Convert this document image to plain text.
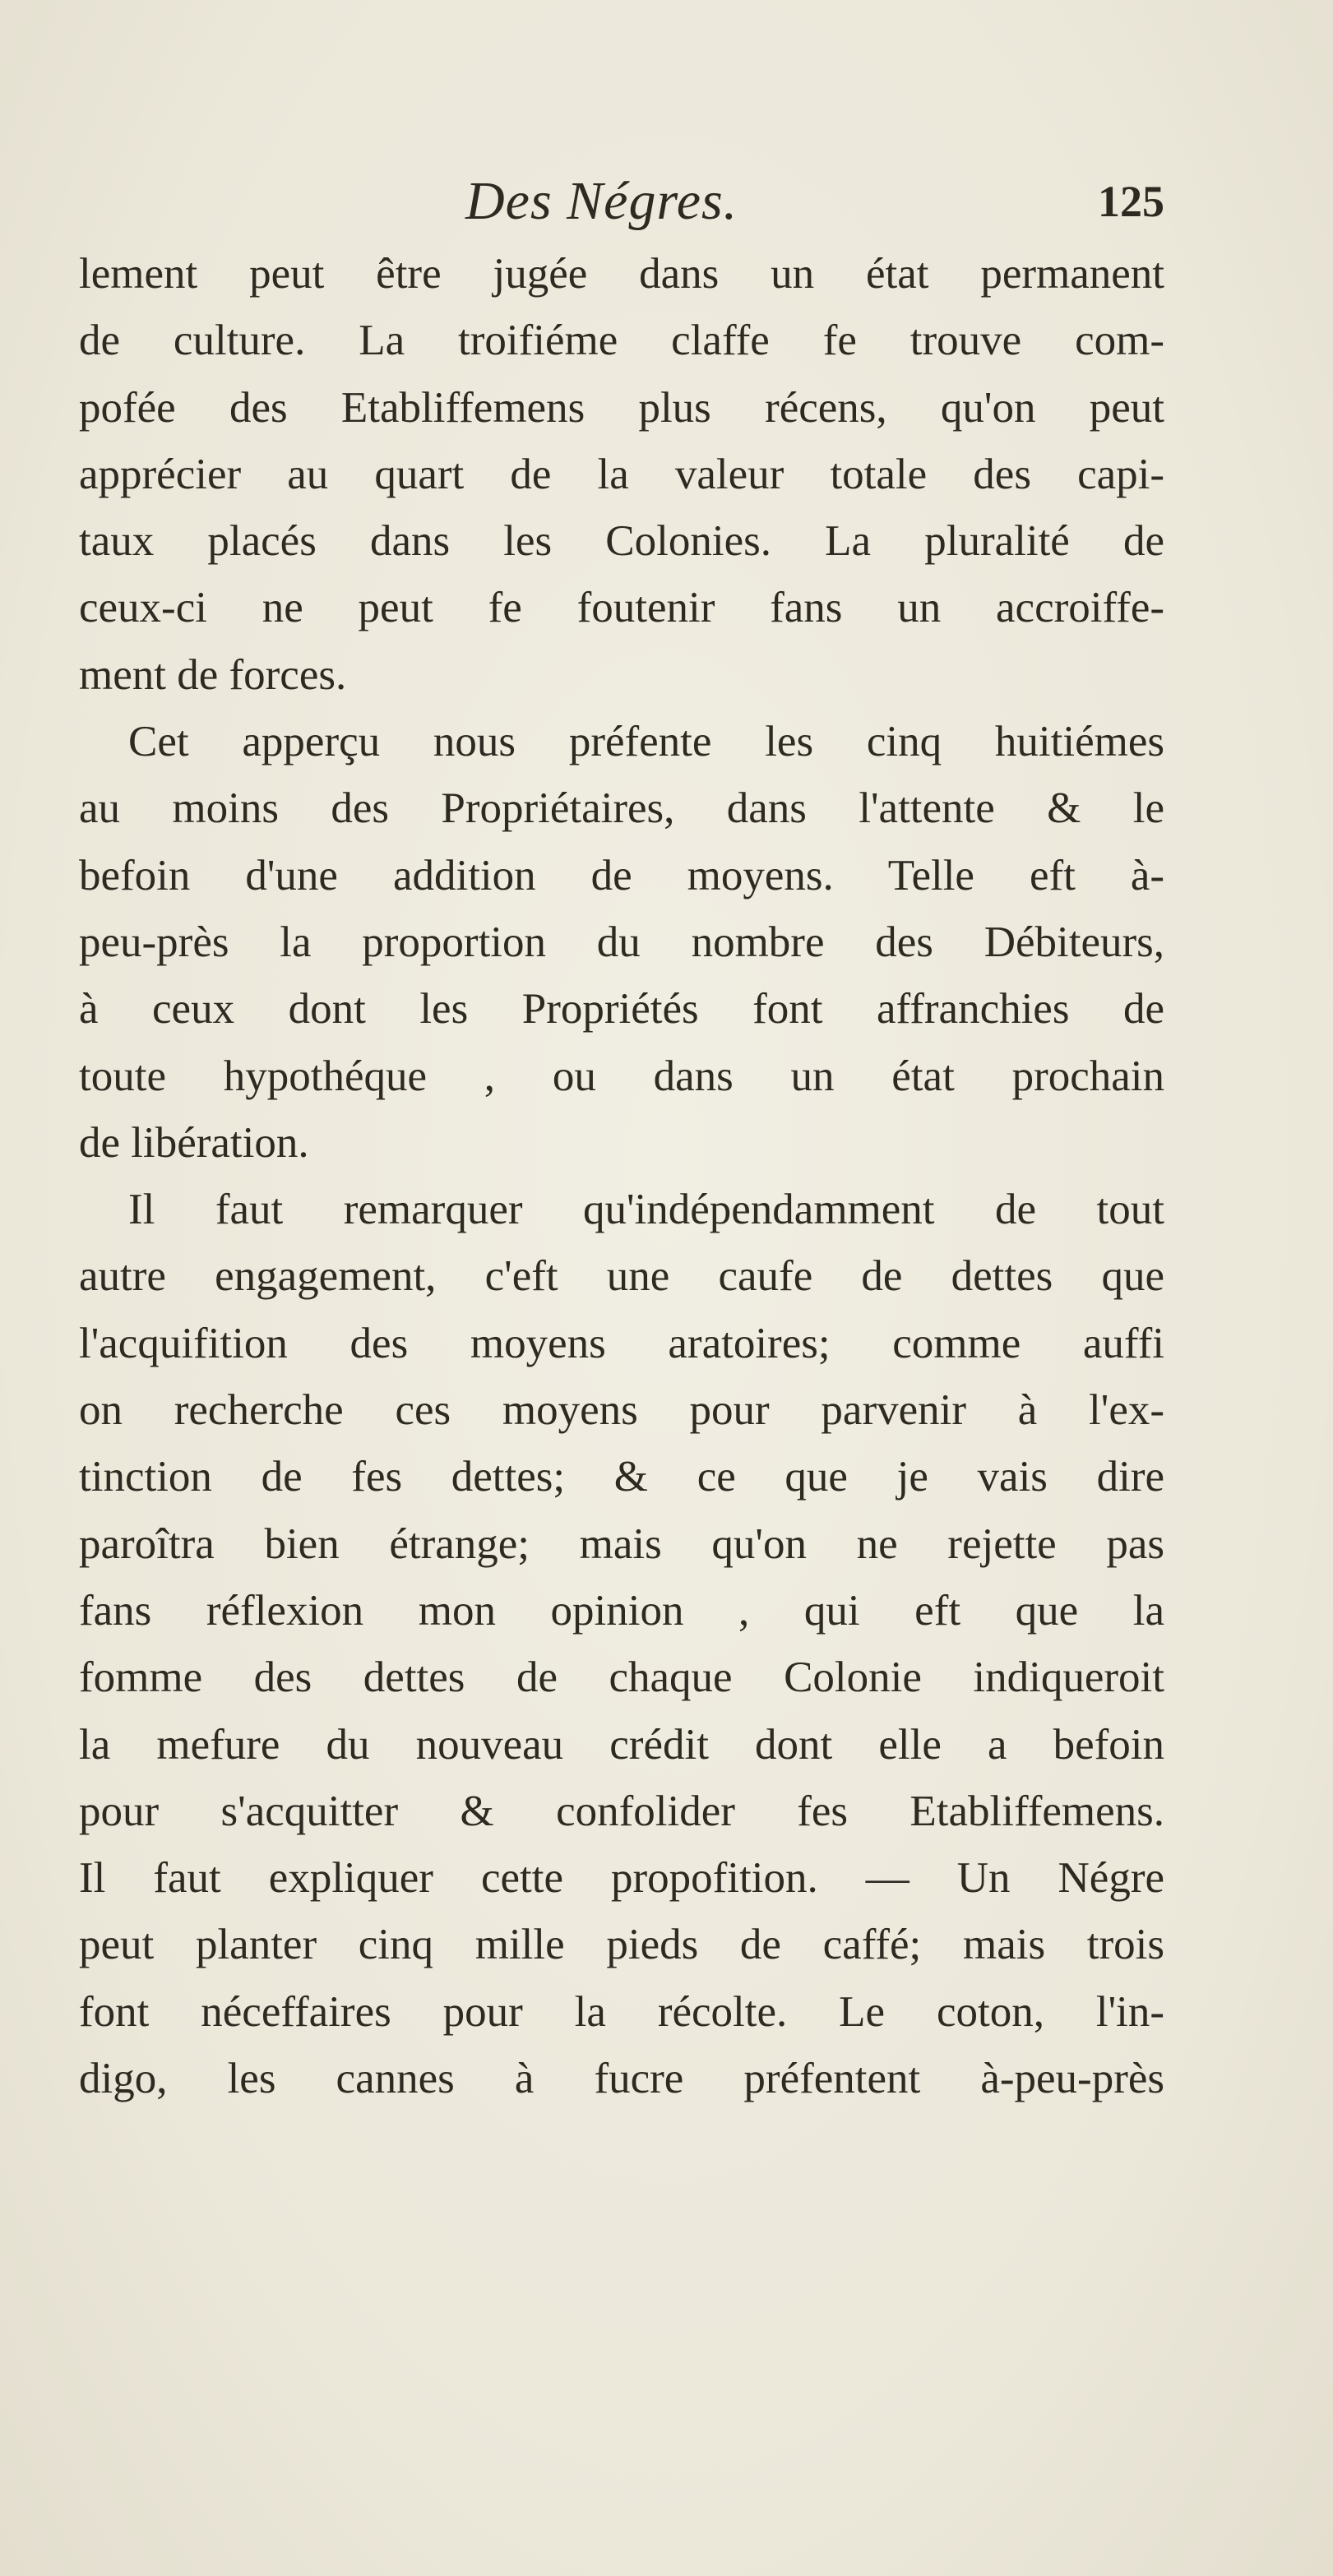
Des Négres.	125
lement peut être jugée dans un état permanent
de culture. La troifiéme claffe fe trouve com-
pofée des Etabliffemens plus récens, qu'on peut
apprécier au quart de la valeur totale des capi-
taux placés dans les Colonies. La pluralité de
ceux-ci ne peut fe foutenir fans un accroiffe-
ment de forces.
Cet apperçu nous préfente les cinq huitiémes
au moins des Propriétaires, dans l'attente & le
befoin d'une addition de moyens. Telle eft à-
peu-près la proportion du nombre des Débiteurs,
à ceux dont les Propriétés font affranchies de
toute hypothéque , ou dans un état prochain
de libération.
Il faut remarquer qu'indépendamment de tout
autre engagement, c'eft une caufe de dettes que
l'acquifition des moyens aratoires; comme auffi
on recherche ces moyens pour parvenir à l'ex-
tinction de fes dettes; & ce que je vais dire
paroîtra bien étrange; mais qu'on ne rejette pas
fans réflexion mon opinion , qui eft que la
fomme des dettes de chaque Colonie indiqueroit
la mefure du nouveau crédit dont elle a befoin
pour s'acquitter & confolider fes Etabliffemens.
Il faut expliquer cette propofition. — Un Négre
peut planter cinq mille pieds de caffé; mais trois
font néceffaires pour la récolte. Le coton, l'in-
digo, les cannes à fucre préfentent à-peu-près
